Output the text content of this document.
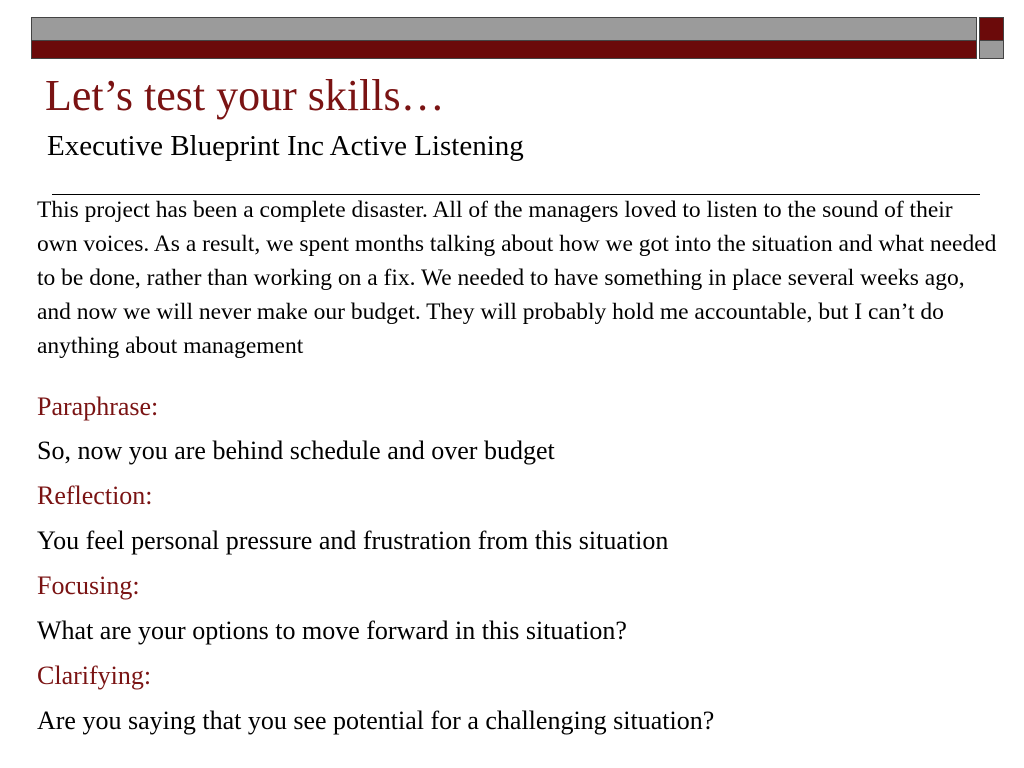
Let’s test your skills…
Executive Blueprint Inc Active Listening

This project has been a complete disaster. All of the managers loved to listen to the sound of their own voices. As a result, we spent months talking about how we got into the situation and what needed to be done, rather than working on a fix. We needed to have something in place several weeks ago, and now we will never make our budget. They will probably hold me accountable, but I can’t do anything about management

Paraphrase:
So, now you are behind schedule and over budget
Reflection:
You feel personal pressure and frustration from this situation
Focusing:
What are your options to move forward in this situation?
Clarifying:
Are you saying that you see potential for a challenging situation?
